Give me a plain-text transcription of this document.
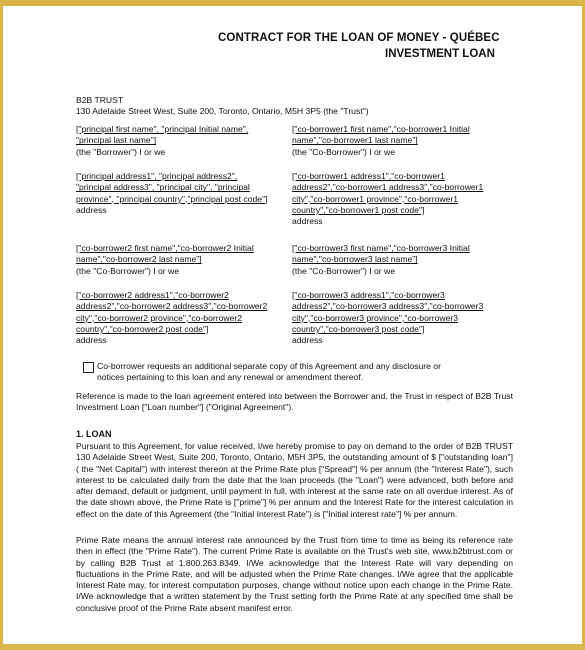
CONTRACT FOR THE LOAN OF MONEY - QUÉBEC
INVESTMENT LOAN
B2B TRUST
130 Adelaide Street West, Suite 200, Toronto, Ontario, M5H 3P5 (the "Trust")
["principal first name", "principal Initial name",
"principal last name"]
(the "Borrower") I or we
["co-borrower1 first name","co-borrower1 Initial
name","co-borrower1 last name"]
(the "Co-Borrower") I or we
["principal address1", "principal address2",
"principal address3", "principal city", "principal
province", "principal country","principal post code"]
address
["co-borrower1 address1","co-borrower1
address2","co-borrower1 address3","co-borrower1
city","co-borrower1 province","co-borrower1
country","co-borrower1 post code"]
address
["co-borrower2 first name","co-borrower2 Initial
name","co-borrower2 last name"]
(the "Co-Borrower") I or we
["co-borrower3 first name","co-borrower3 Initial
name","co-borrower3 last name"]
(the "Co-Borrower") I or we
["co-borrower2 address1","co-borrower2
address2","co-borrower2 address3","co-borrower2
city","co-borrower2 province","co-borrower2
country","co-borrower2 post code"]
address
["co-borrower3 address1","co-borrower3
address2","co-borrower3 address3","co-borrower3
city","co-borrower3 province","co-borrower3
country","co-borrower3 post code"]
address
Co-borrower requests an additional separate copy of this Agreement and any disclosure or
notices pertaining to this loan and any renewal or amendment thereof.
Reference is made to the loan agreement entered into between the Borrower and. the Trust in respect of B2B Trust Investment Loan ["Loan number"] ("Original Agreement").
1. LOAN
Pursuant to this Agreement, for value received, I/we hereby promise to pay on demand to the order of B2B TRUST 130 Adelaide Street West, Suite 200, Toronto, Ontario, M5H 3P5, the outstanding amount of $ ["outstanding loan"] ( the "Net Capital") with interest thereon at the Prime Rate plus ["Spread"] % per annum (the "Interest Rate"), such interest to be calculated daily from the date that the loan proceeds (the "Loan") were advanced, both before and after demand, default or judgment, until payment in full, with interest at the same rate on all overdue interest. As of the date shown above, the Prime Rate is ["prime"] % per annum and the Interest Rate for the interest calculation in effect on the date of this Agreement (the "Initial Interest Rate") is ["Initial interest rate"] % per annum.
Prime Rate means the annual interest rate announced by the Trust from time to time as being its reference rate then in effect (the "Prime Rate"). The current Prime Rate is available on the Trust's web site, www.b2btrust.com or by calling B2B Trust at 1.800.263.8349. I/We acknowledge that the Interest Rate will vary depending on fluctuations in the Prime Rate, and will be adjusted when the Prime Rate changes. I/We agree that the applicable Interest Rate may, for interest computation purposes, change without notice upon each change in the Prime Rate. I/We acknowledge that a written statement by the Trust setting forth the Prime Rate at any specified time shall be conclusive proof of the Prime Rate absent manifest error.
